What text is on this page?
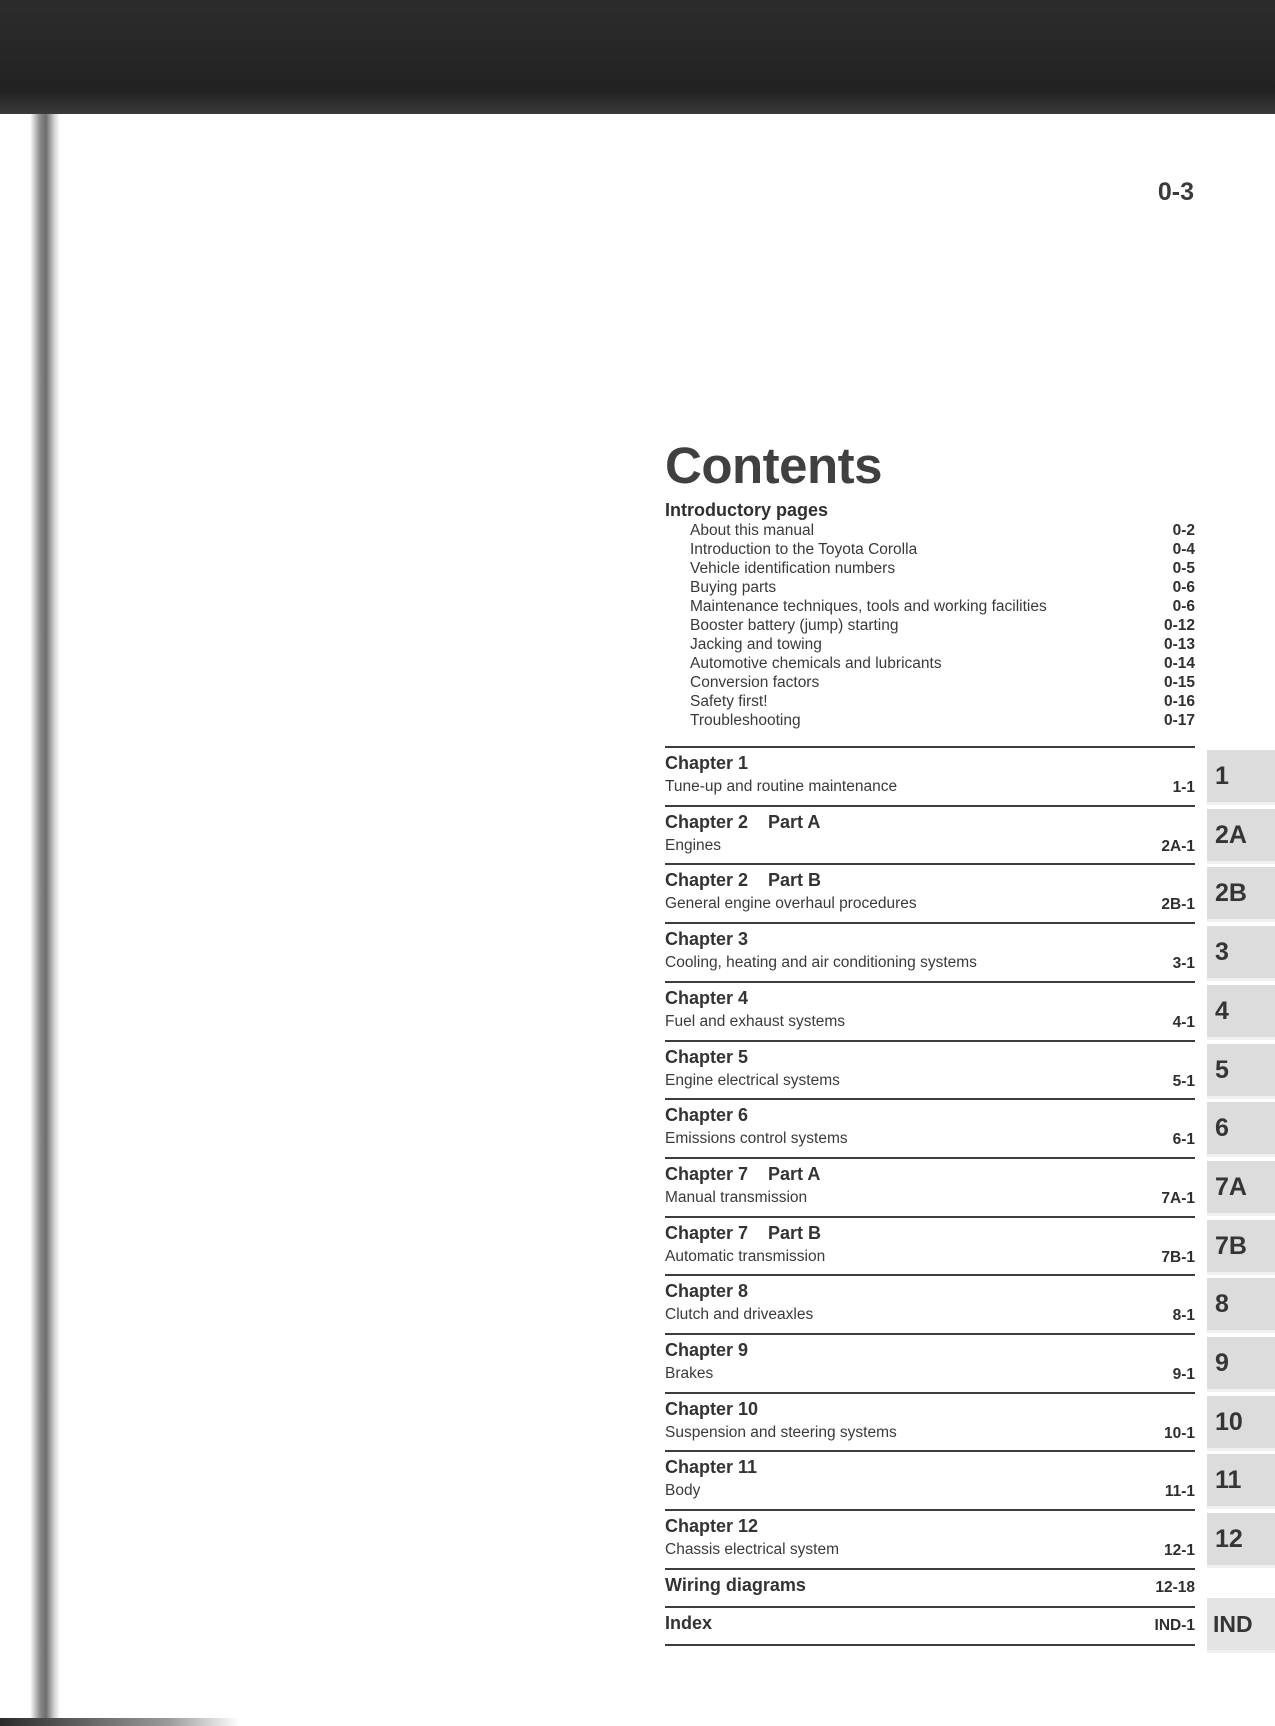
0-3
Contents
Introductory pages
About this manual	0-2
Introduction to the Toyota Corolla	0-4
Vehicle identification numbers	0-5
Buying parts	0-6
Maintenance techniques, tools and working facilities	0-6
Booster battery (jump) starting	0-12
Jacking and towing	0-13
Automotive chemicals and lubricants	0-14
Conversion factors	0-15
Safety first!	0-16
Troubleshooting	0-17
Chapter 1
Tune-up and routine maintenance	1-1
Chapter 2 Part A
Engines	2A-1
Chapter 2 Part B
General engine overhaul procedures	2B-1
Chapter 3
Cooling, heating and air conditioning systems	3-1
Chapter 4
Fuel and exhaust systems	4-1
Chapter 5
Engine electrical systems	5-1
Chapter 6
Emissions control systems	6-1
Chapter 7 Part A
Manual transmission	7A-1
Chapter 7 Part B
Automatic transmission	7B-1
Chapter 8
Clutch and driveaxles	8-1
Chapter 9
Brakes	9-1
Chapter 10
Suspension and steering systems	10-1
Chapter 11
Body	11-1
Chapter 12
Chassis electrical system	12-1
Wiring diagrams	12-18
Index	IND-1
1
2A
2B
3
4
5
6
7A
7B
8
9
10
11
12
IND
